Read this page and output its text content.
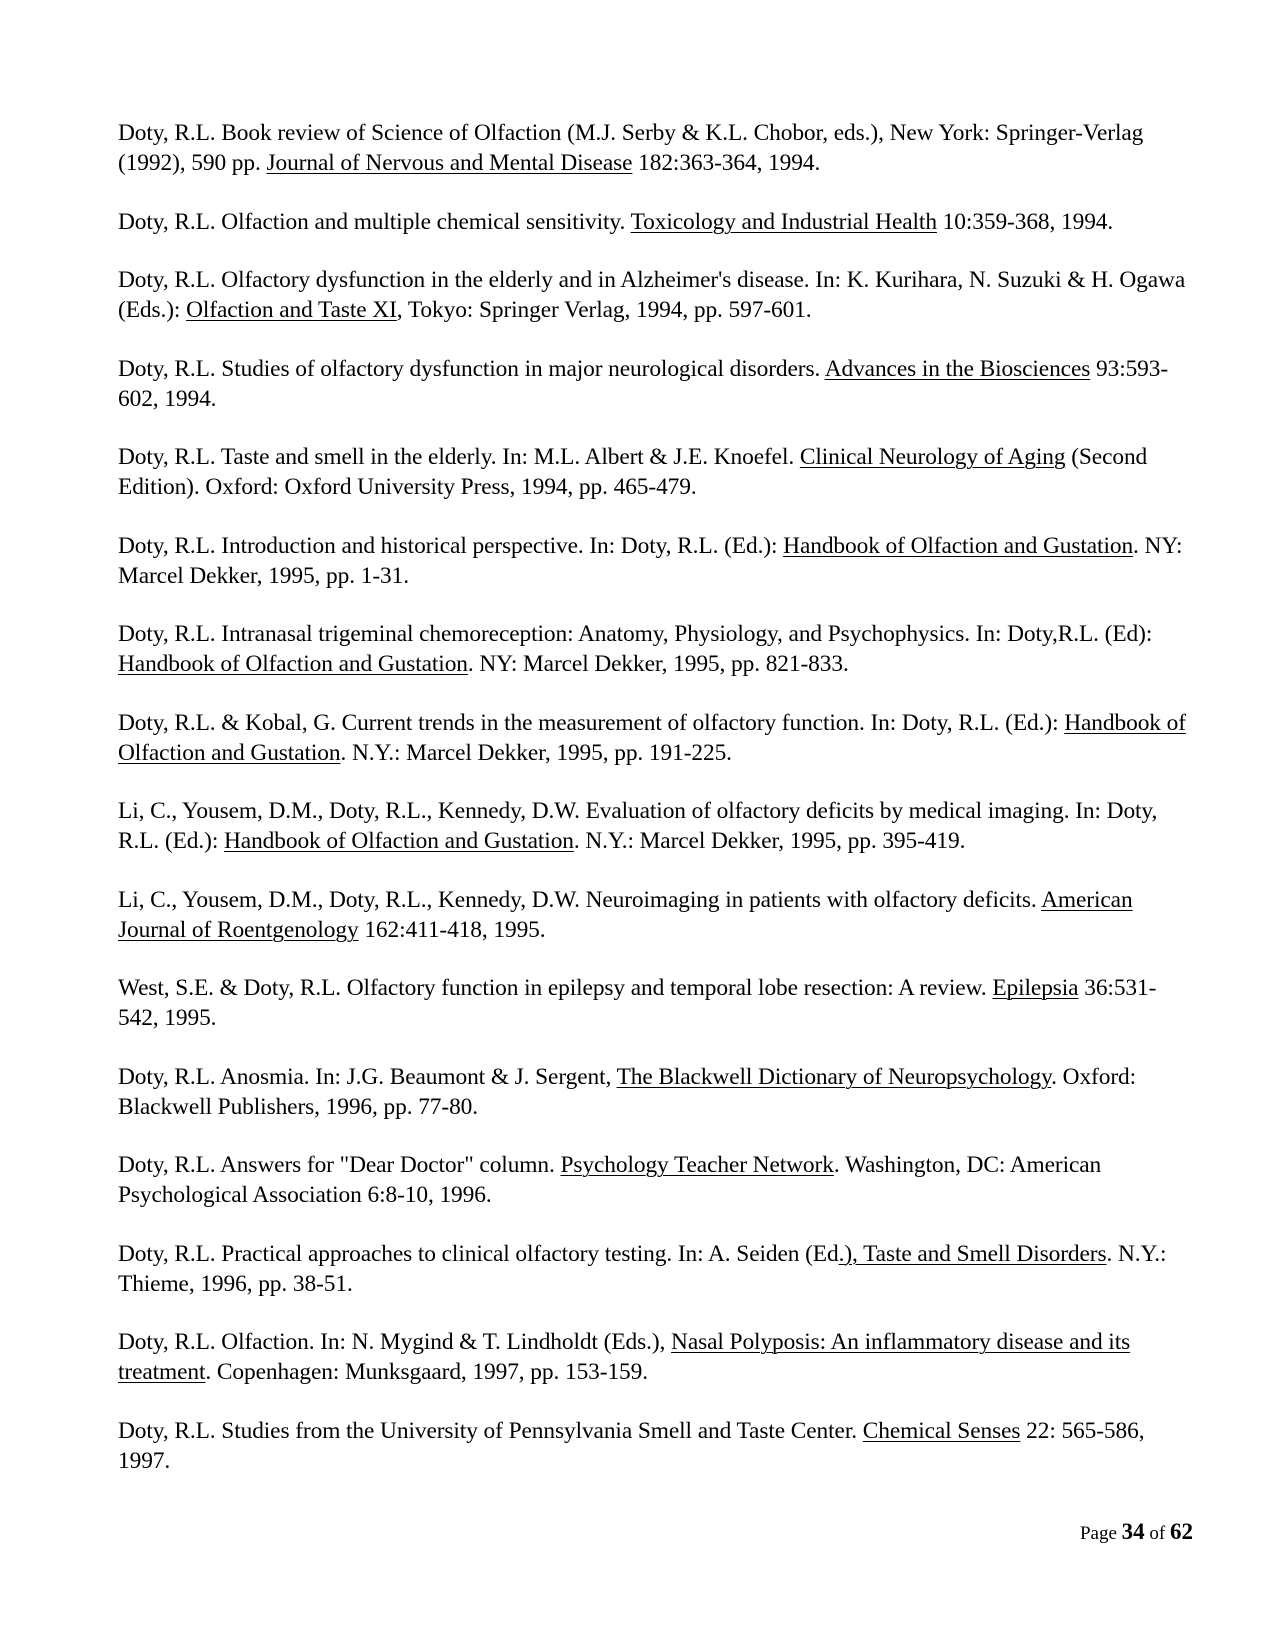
Doty, R.L. Book review of Science of Olfaction (M.J. Serby & K.L. Chobor, eds.), New York: Springer-Verlag (1992), 590 pp. Journal of Nervous and Mental Disease 182:363-364, 1994.

Doty, R.L. Olfaction and multiple chemical sensitivity. Toxicology and Industrial Health 10:359-368, 1994.

Doty, R.L. Olfactory dysfunction in the elderly and in Alzheimer's disease. In: K. Kurihara, N. Suzuki & H. Ogawa (Eds.): Olfaction and Taste XI, Tokyo: Springer Verlag, 1994, pp. 597-601.

Doty, R.L. Studies of olfactory dysfunction in major neurological disorders. Advances in the Biosciences 93:593-602, 1994.

Doty, R.L. Taste and smell in the elderly. In: M.L. Albert & J.E. Knoefel. Clinical Neurology of Aging (Second Edition). Oxford: Oxford University Press, 1994, pp. 465-479.

Doty, R.L. Introduction and historical perspective. In: Doty, R.L. (Ed.): Handbook of Olfaction and Gustation. NY: Marcel Dekker, 1995, pp. 1-31.

Doty, R.L. Intranasal trigeminal chemoreception: Anatomy, Physiology, and Psychophysics. In: Doty,R.L. (Ed): Handbook of Olfaction and Gustation. NY: Marcel Dekker, 1995, pp. 821-833.

Doty, R.L. & Kobal, G. Current trends in the measurement of olfactory function. In: Doty, R.L. (Ed.): Handbook of Olfaction and Gustation. N.Y.: Marcel Dekker, 1995, pp. 191-225.

Li, C., Yousem, D.M., Doty, R.L., Kennedy, D.W. Evaluation of olfactory deficits by medical imaging. In: Doty, R.L. (Ed.): Handbook of Olfaction and Gustation. N.Y.: Marcel Dekker, 1995, pp. 395-419.

Li, C., Yousem, D.M., Doty, R.L., Kennedy, D.W. Neuroimaging in patients with olfactory deficits. American Journal of Roentgenology 162:411-418, 1995.

West, S.E. & Doty, R.L. Olfactory function in epilepsy and temporal lobe resection: A review. Epilepsia 36:531-542, 1995.

Doty, R.L. Anosmia. In: J.G. Beaumont & J. Sergent, The Blackwell Dictionary of Neuropsychology. Oxford: Blackwell Publishers, 1996, pp. 77-80.

Doty, R.L. Answers for "Dear Doctor" column. Psychology Teacher Network. Washington, DC: American Psychological Association 6:8-10, 1996.

Doty, R.L. Practical approaches to clinical olfactory testing. In: A. Seiden (Ed.), Taste and Smell Disorders. N.Y.: Thieme, 1996, pp. 38-51.

Doty, R.L. Olfaction. In: N. Mygind & T. Lindholdt (Eds.), Nasal Polyposis: An inflammatory disease and its treatment. Copenhagen: Munksgaard, 1997, pp. 153-159.

Doty, R.L. Studies from the University of Pennsylvania Smell and Taste Center. Chemical Senses 22: 565-586, 1997.

Page 34 of 62
